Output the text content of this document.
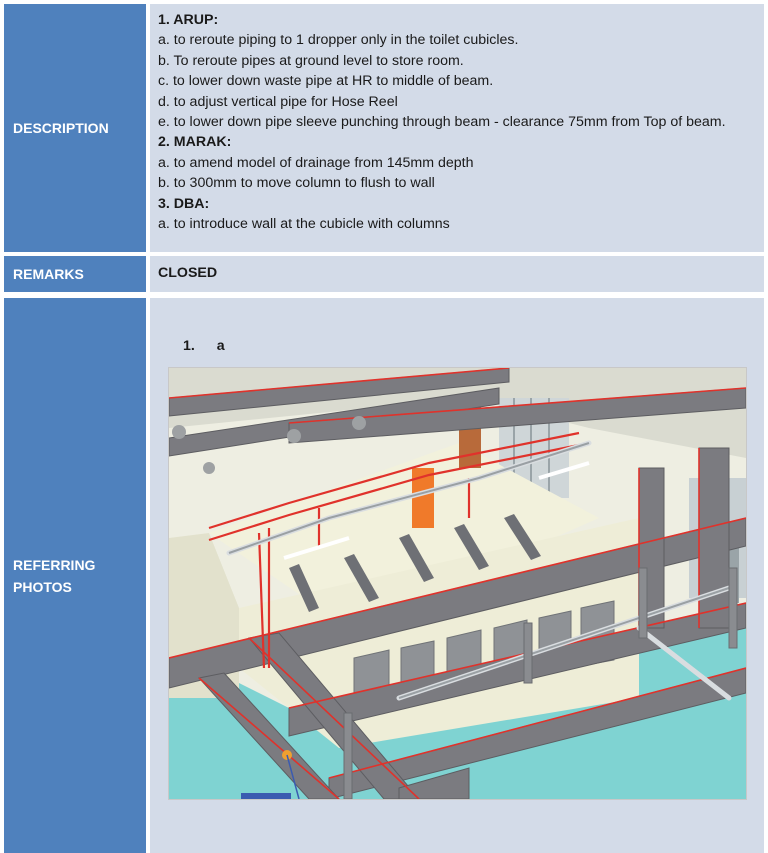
DESCRIPTION
1. ARUP:
a. to reroute piping to 1 dropper only in the toilet cubicles.
b. To reroute pipes at ground level to store room.
c. to lower down waste pipe at HR to middle of beam.
d. to adjust vertical pipe for Hose Reel
e. to lower down pipe sleeve punching through beam - clearance 75mm from Top of beam.
2. MARAK:
a. to amend model of drainage from 145mm depth
b. to 300mm to move column to flush to wall
3. DBA:
a. to introduce wall at the cubicle with columns
REMARKS	CLOSED
REFERRING PHOTOS
1. a
